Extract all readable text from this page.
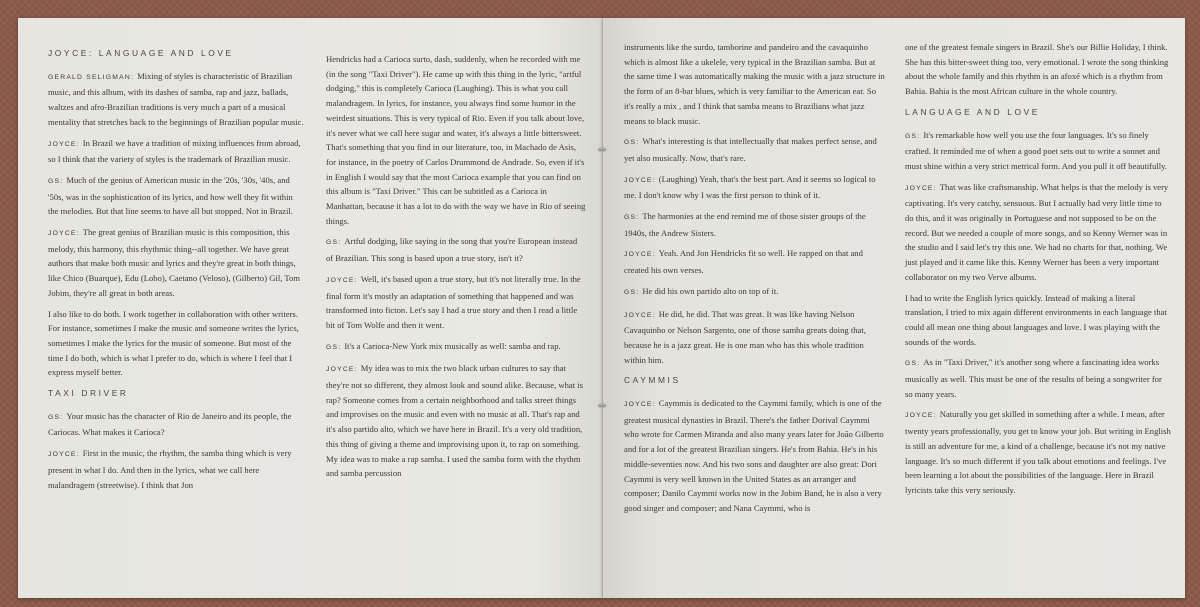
JOYCE: LANGUAGE AND LOVE

GERALD SELIGMAN: Mixing of styles is characteristic of Brazilian music, and this album, with its dashes of samba, rap and jazz, ballads, waltzes and afro-Brazilian traditions is very much a part of a musical mentality that stretches back to the beginnings of Brazilian popular music.

JOYCE: In Brazil we have a tradition of mixing influences from abroad, so I think that the variety of styles is the trademark of Brazilian music.

GS: Much of the genius of American music in the '20s, '30s, '40s, and '50s, was in the sophistication of its lyrics, and how well they fit within the melodies. But that line seems to have all but stopped. Not in Brazil.

JOYCE: The great genius of Brazilian music is this composition, this melody, this harmony, this rhythmic thing--all together. We have great authors that make both music and lyrics and they're great in both things, like Chico (Buarque), Edu (Lobo), Caetano (Veloso), (Gilberto) Gil, Tom Jobim, they're all great in both areas.

I also like to do both. I work together in collaboration with other writers. For instance, sometimes I make the music and someone writes the lyrics, sometimes I make the lyrics for the music of someone. But most of the time I do both, which is what I prefer to do, which is where I feel that I express myself better.

TAXI DRIVER

GS: Your music has the character of Rio de Janeiro and its people, the Cariocas. What makes it Carioca?

JOYCE: First in the music, the rhythm, the samba thing which is very present in what I do. And then in the lyrics, what we call here malandragem (streetwise). I think that Jon

Hendricks had a Carioca surto, dash, suddenly, when he recorded with me (in the song "Taxi Driver"). He came up with this thing in the lyric, "artful dodging," this is completely Carioca (Laughing). This is what you call malandragem. In lyrics, for instance, you always find some humor in the weirdest situations. This is very typical of Rio. Even if you talk about love, it's never what we call here sugar and water, it's always a little bittersweet. That's something that you find in our literature, too, in Machado de Asis, for instance, in the poetry of Carlos Drummond de Andrade. So, even if it's in English I would say that the most Carioca example that you can find on this album is "Taxi Driver." This can be subtitled as a Carioca in Manhattan, because it has a lot to do with the way we have in Rio of seeing things.

GS: Artful dodging, like saying in the song that you're European instead of Brazilian. This song is based upon a true story, isn't it?

JOYCE: Well, it's based upon a true story, but it's not literally true. In the final form it's mostly an adaptation of something that happened and was transformed into ficton. Let's say I had a true story and then I read a little bit of Tom Wolfe and then it went.

GS: It's a Carioca-New York mix musically as well: samba and rap.

JOYCE: My idea was to mix the two black urban cultures to say that they're not so different, they almost look and sound alike. Because, what is rap? Someone comes from a certain neighborhood and talks street things and improvises on the music and even with no music at all. That's rap and it's also partido alto, which we have here in Brazil. It's a very old tradition, this thing of giving a theme and improvising upon it, to rap on something. My idea was to make a rap samba. I used the samba form with the rhythm and samba percussion

instruments like the surdo, tamborine and pandeiro and the cavaquinho which is almost like a ukelele, very typical in the Brazilian samba. But at the same time I was automatically making the music with a jazz structure in the form of an 8-bar blues, which is very familiar to the American ear. So it's really a mix , and I think that samba means to Brazilians what jazz means to black music.

GS: What's interesting is that intellectually that makes perfect sense, and yet also musically. Now, that's rare.

JOYCE: (Laughing) Yeah, that's the best part. And it seems so logical to me. I don't know why I was the first person to think of it.

GS: The harmonies at the end remind me of those sister groups of the 1940s, the Andrew Sisters.

JOYCE: Yeah. And Jon Hendricks fit so well. He rapped on that and created his own verses.

GS: He did his own partido alto on top of it.

JOYCE: He did, he did. That was great. It was like having Nelson Cavaquinho or Nelson Sargento, one of those samba greats doing that, because he is a jazz great. He is one man who has this whole tradition within him.

CAYMMIS

JOYCE: Caymmis is dedicated to the Caymmi family, which is one of the greatest musical dynasties in Brazil. There's the father Dorival Caymmi who wrote for Carmen Miranda and also many years later for João Gilberto and for a lot of the greatest Brazilian singers. He's from Bahia. He's in his middle-seventies now. And his two sons and daughter are also great: Dori Caymmi is very well known in the United States as an arranger and composer; Danilo Caymmi works now in the Jobim Band, he is also a very good singer and composer; and Nana Caymmi, who is

one of the greatest female singers in Brazil. She's our Billie Holiday, I think. She has this bitter-sweet thing too, very emotional. I wrote the song thinking about the whole family and this rhythm is an afoxé which is a rhythm from Bahia. Bahia is the most African culture in the whole country.

LANGUAGE AND LOVE

GS: It's remarkable how well you use the four languages. It's so finely crafted. It reminded me of when a good poet sets out to write a sonnet and must shine within a very strict metrical form. And you pull it off beautifully.

JOYCE: That was like craftsmanship. What helps is that the melody is very captivating. It's very catchy, sensuous. But I actually had very little time to do this, and it was originally in Portuguese and not supposed to be on the record. But we needed a couple of more songs, and so Kenny Werner was in the studio and I said let's try this one. We had no charts for that, nothing. We just played and it came like this. Kenny Werner has been a very important collaborator on my two Verve albums.

I had to write the English lyrics quickly. Instead of making a literal translation, I tried to mix again different environments in each language that could all mean one thing about languages and love. I was playing with the sounds of the words.

GS: As in "Taxi Driver," it's another song where a fascinating idea works musically as well. This must be one of the results of being a songwriter for so many years.

JOYCE: Naturally you get skilled in something after a while. I mean, after twenty years professionally, you get to know your job. But writing in English is still an adventure for me, a kind of a challenge, because it's not my native language. It's so much different if you talk about emotions and feelings. I've been learning a lot about the possibilities of the language. Here in Brazil lyricists take this very seriously.
